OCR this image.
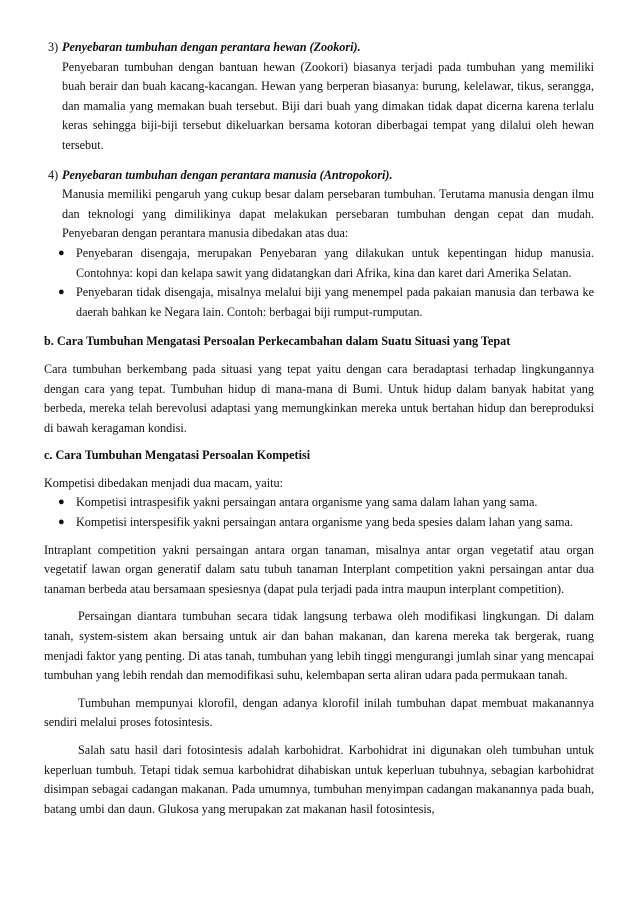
3) Penyebaran tumbuhan dengan perantara hewan (Zookori).

Penyebaran tumbuhan dengan bantuan hewan (Zookori) biasanya terjadi pada tumbuhan yang memiliki buah berair dan buah kacang-kacangan. Hewan yang berperan biasanya: burung, kelelawar, tikus, serangga, dan mamalia yang memakan buah tersebut. Biji dari buah yang dimakan tidak dapat dicerna karena terlalu keras sehingga biji-biji tersebut dikeluarkan bersama kotoran diberbagai tempat yang dilalui oleh hewan tersebut.

4) Penyebaran tumbuhan dengan perantara manusia (Antropokori).

Manusia memiliki pengaruh yang cukup besar dalam persebaran tumbuhan. Terutama manusia dengan ilmu dan teknologi yang dimilikinya dapat melakukan persebaran tumbuhan dengan cepat dan mudah. Penyebaran dengan perantara manusia dibedakan atas dua:

● Penyebaran disengaja, merupakan Penyebaran yang dilakukan untuk kepentingan hidup manusia. Contohnya: kopi dan kelapa sawit yang didatangkan dari Afrika, kina dan karet dari Amerika Selatan.
● Penyebaran tidak disengaja, misalnya melalui biji yang menempel pada pakaian manusia dan terbawa ke daerah bahkan ke Negara lain. Contoh: berbagai biji rumput-rumputan.

b. Cara Tumbuhan Mengatasi Persoalan Perkecambahan dalam Suatu Situasi yang Tepat

Cara tumbuhan berkembang pada situasi yang tepat yaitu dengan cara beradaptasi terhadap lingkungannya dengan cara yang tepat. Tumbuhan hidup di mana-mana di Bumi. Untuk hidup dalam banyak habitat yang berbeda, mereka telah berevolusi adaptasi yang memungkinkan mereka untuk bertahan hidup dan bereproduksi di bawah keragaman kondisi.

c. Cara Tumbuhan Mengatasi Persoalan Kompetisi

Kompetisi dibedakan menjadi dua macam, yaitu:

● Kompetisi intraspesifik yakni persaingan antara organisme yang sama dalam lahan yang sama.
● Kompetisi interspesifik yakni persaingan antara organisme yang beda spesies dalam lahan yang sama.

Intraplant competition yakni persaingan antara organ tanaman, misalnya antar organ vegetatif atau organ vegetatif lawan organ generatif dalam satu tubuh tanaman Interplant competition yakni persaingan antar dua tanaman berbeda atau bersamaan spesiesnya (dapat pula terjadi pada intra maupun interplant competition).

Persaingan diantara tumbuhan secara tidak langsung terbawa oleh modifikasi lingkungan. Di dalam tanah, system-sistem akan bersaing untuk air dan bahan makanan, dan karena mereka tak bergerak, ruang menjadi faktor yang penting. Di atas tanah, tumbuhan yang lebih tinggi mengurangi jumlah sinar yang mencapai tumbuhan yang lebih rendah dan memodifikasi suhu, kelembapan serta aliran udara pada permukaan tanah.

Tumbuhan mempunyai klorofil, dengan adanya klorofil inilah tumbuhan dapat membuat makanannya sendiri melalui proses fotosintesis.

Salah satu hasil dari fotosintesis adalah karbohidrat. Karbohidrat ini digunakan oleh tumbuhan untuk keperluan tumbuh. Tetapi tidak semua karbohidrat dihabiskan untuk keperluan tubuhnya, sebagian karbohidrat disimpan sebagai cadangan makanan. Pada umumnya, tumbuhan menyimpan cadangan makanannya pada buah, batang umbi dan daun. Glukosa yang merupakan zat makanan hasil fotosintesis,
